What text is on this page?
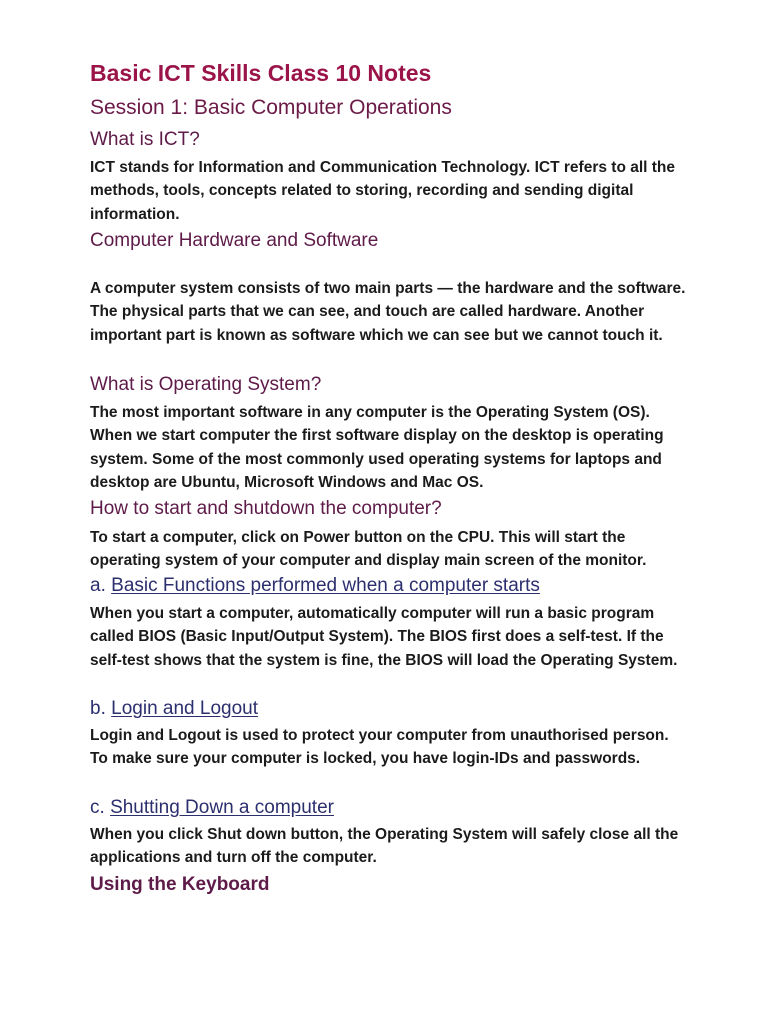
Basic ICT Skills Class 10 Notes
Session 1: Basic Computer Operations
What is ICT?

ICT stands for Information and Communication Technology. ICT refers to all the methods, tools, concepts related to storing, recording and sending digital information.

Computer Hardware and Software

A computer system consists of two main parts — the hardware and the software. The physical parts that we can see, and touch are called hardware. Another important part is known as software which we can see but we cannot touch it.

What is Operating System?

The most important software in any computer is the Operating System (OS). When we start computer the first software display on the desktop is operating system. Some of the most commonly used operating systems for laptops and desktop are Ubuntu, Microsoft Windows and Mac OS.

How to start and shutdown the computer?

To start a computer, click on Power button on the CPU. This will start the operating system of your computer and display main screen of the monitor.

a. Basic Functions performed when a computer starts

When you start a computer, automatically computer will run a basic program called BIOS (Basic Input/Output System). The BIOS first does a self-test. If the self-test shows that the system is fine, the BIOS will load the Operating System.

b. Login and Logout

Login and Logout is used to protect your computer from unauthorised person. To make sure your computer is locked, you have login-IDs and passwords.

c. Shutting Down a computer

When you click Shut down button, the Operating System will safely close all the applications and turn off the computer.

Using the Keyboard
